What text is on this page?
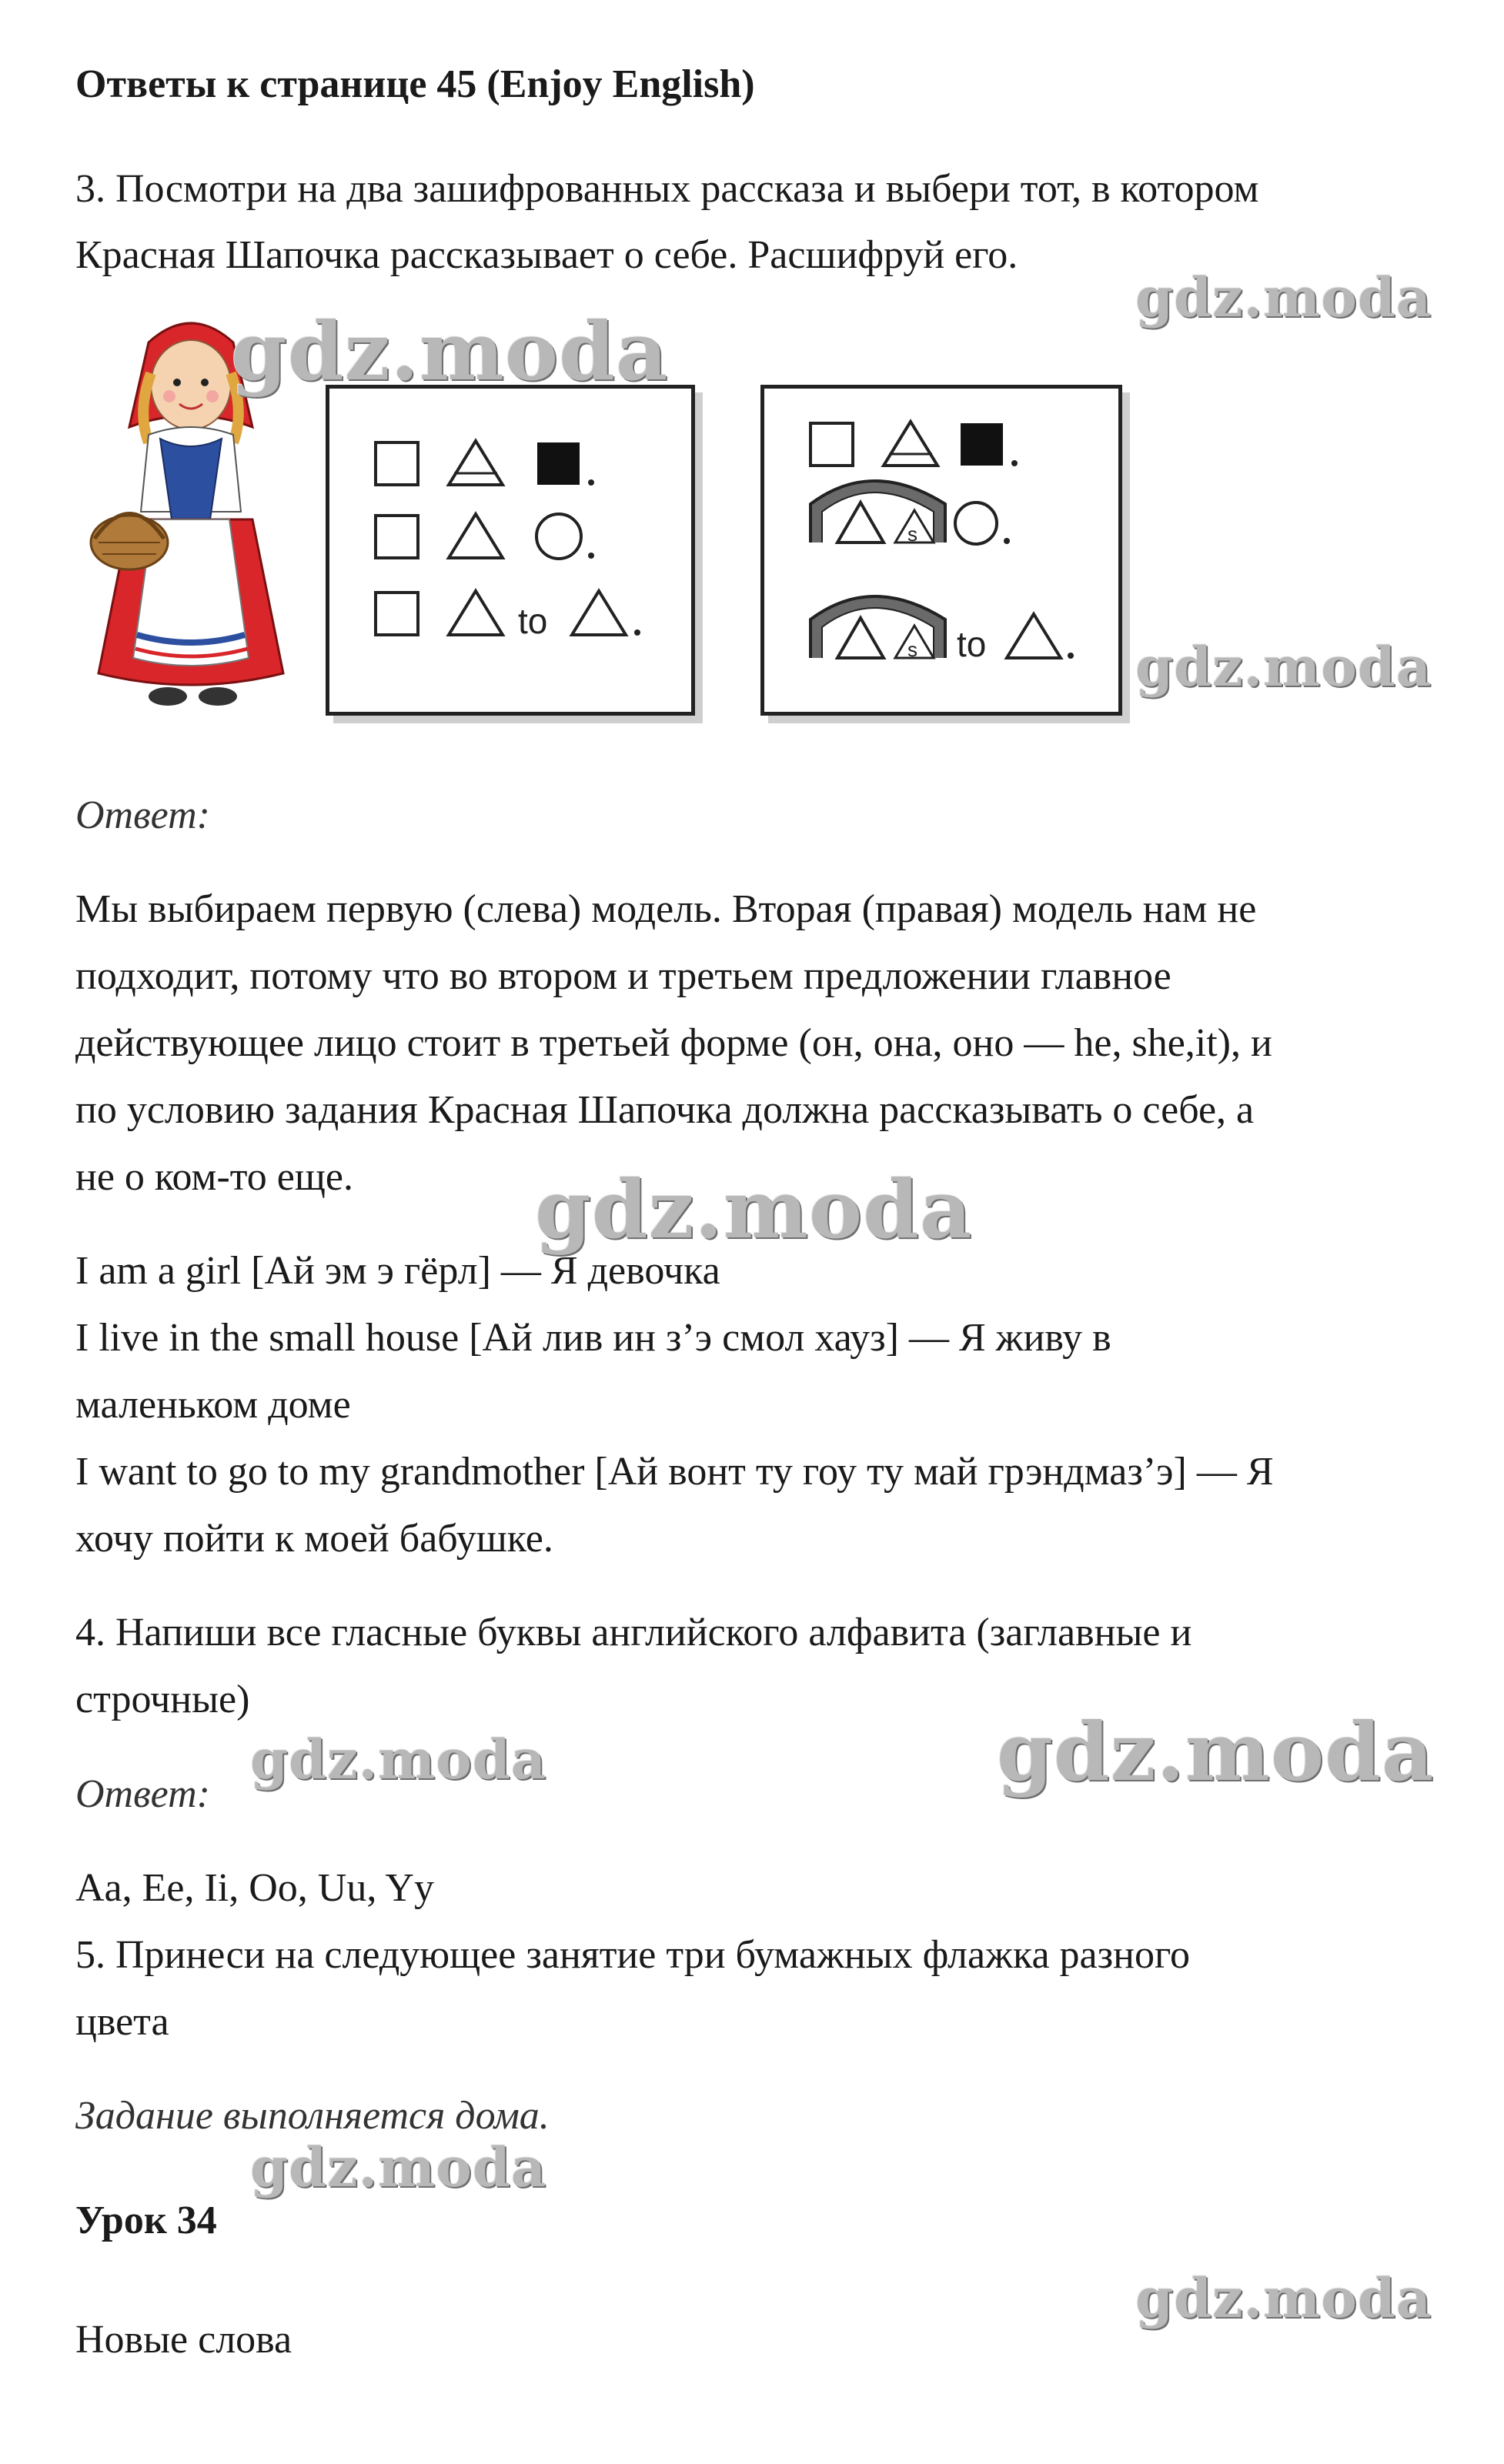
Ответы к странице 45 (Enjoy English)
3. Посмотри на два зашифрованных рассказа и выбери тот, в котором
Красная Шапочка рассказывает о себе. Расшифруй его.
to
s
s to
Ответ:
Мы выбираем первую (слева) модель. Вторая (правая) модель нам не
подходит, потому что во втором и третьем предложении главное
действующее лицо стоит в третьей форме (он, она, оно — he, she,it), и
по условию задания Красная Шапочка должна рассказывать о себе, а
не о ком-то еще.
I am a girl [Ай эм э гёрл] — Я девочка
I live in the small house [Ай лив ин з’э смол хауз] — Я живу в
маленьком доме
I want to go to my grandmother [Ай вонт ту гоу ту май грэндмаз’э] — Я
хочу пойти к моей бабушке.
4. Напиши все гласные буквы английского алфавита (заглавные и
строчные)
Ответ:
Aa, Ee, Ii, Oo, Uu, Yy
5. Принеси на следующее занятие три бумажных флажка разного
цвета
Задание выполняется дома.
Урок 34
Новые слова
gdz.moda
gdz.moda
gdz.moda
gdz.moda
gdz.moda	gdz.moda
gdz.moda
gdz.moda
